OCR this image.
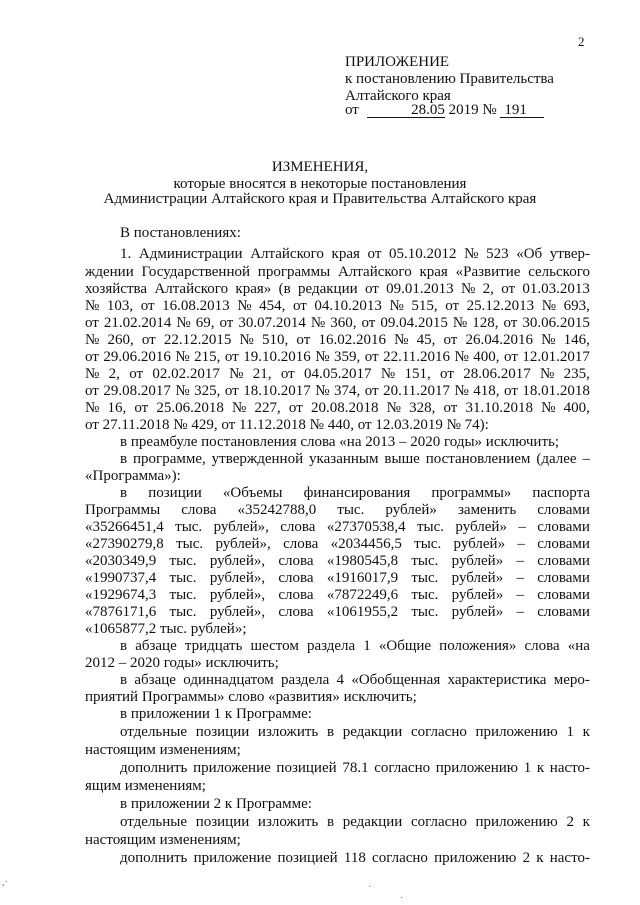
2
ПРИЛОЖЕНИЕ
к постановлению Правительства
Алтайского края
от	28.05 2019 № 191
ИЗМЕНЕНИЯ,
которые вносятся в некоторые постановления
Администрации Алтайского края и Правительства Алтайского края
В постановлениях:
1. Администрации Алтайского края от 05.10.2012 № 523 «Об утвер-
ждении Государственной программы Алтайского края «Развитие сельского
хозяйства Алтайского края» (в редакции от 09.01.2013 № 2, от 01.03.2013
№ 103, от 16.08.2013 № 454, от 04.10.2013 № 515, от 25.12.2013 № 693,
от 21.02.2014 № 69, от 30.07.2014 № 360, от 09.04.2015 № 128, от 30.06.2015
№ 260, от 22.12.2015 № 510, от 16.02.2016 № 45, от 26.04.2016 № 146,
от 29.06.2016 № 215, от 19.10.2016 № 359, от 22.11.2016 № 400, от 12.01.2017
№ 2, от 02.02.2017 № 21, от 04.05.2017 № 151, от 28.06.2017 № 235,
от 29.08.2017 № 325, от 18.10.2017 № 374, от 20.11.2017 № 418, от 18.01.2018
№ 16, от 25.06.2018 № 227, от 20.08.2018 № 328, от 31.10.2018 № 400,
от 27.11.2018 № 429, от 11.12.2018 № 440, от 12.03.2019 № 74):
в преамбуле постановления слова «на 2013 – 2020 годы» исключить;
в программе, утвержденной указанным выше постановлением (далее –
«Программа»):
в позиции «Объемы финансирования программы» паспорта
Программы слова «35242788,0 тыс. рублей» заменить словами
«35266451,4 тыс. рублей», слова «27370538,4 тыс. рублей» – словами
«27390279,8 тыс. рублей», слова «2034456,5 тыс. рублей» – словами
«2030349,9 тыс. рублей», слова «1980545,8 тыс. рублей» – словами
«1990737,4 тыс. рублей», слова «1916017,9 тыс. рублей» – словами
«1929674,3 тыс. рублей», слова «7872249,6 тыс. рублей» – словами
«7876171,6 тыс. рублей», слова «1061955,2 тыс. рублей» – словами
«1065877,2 тыс. рублей»;
в абзаце тридцать шестом раздела 1 «Общие положения» слова «на
2012 – 2020 годы» исключить;
в абзаце одиннадцатом раздела 4 «Обобщенная характеристика меро-
приятий Программы» слово «развития» исключить;
в приложении 1 к Программе:
отдельные позиции изложить в редакции согласно приложению 1 к
настоящим изменениям;
дополнить приложение позицией 78.1 согласно приложению 1 к насто-
ящим изменениям;
в приложении 2 к Программе:
отдельные позиции изложить в редакции согласно приложению 2 к
настоящим изменениям;
дополнить приложение позицией 118 согласно приложению 2 к насто-
,·	·
·
